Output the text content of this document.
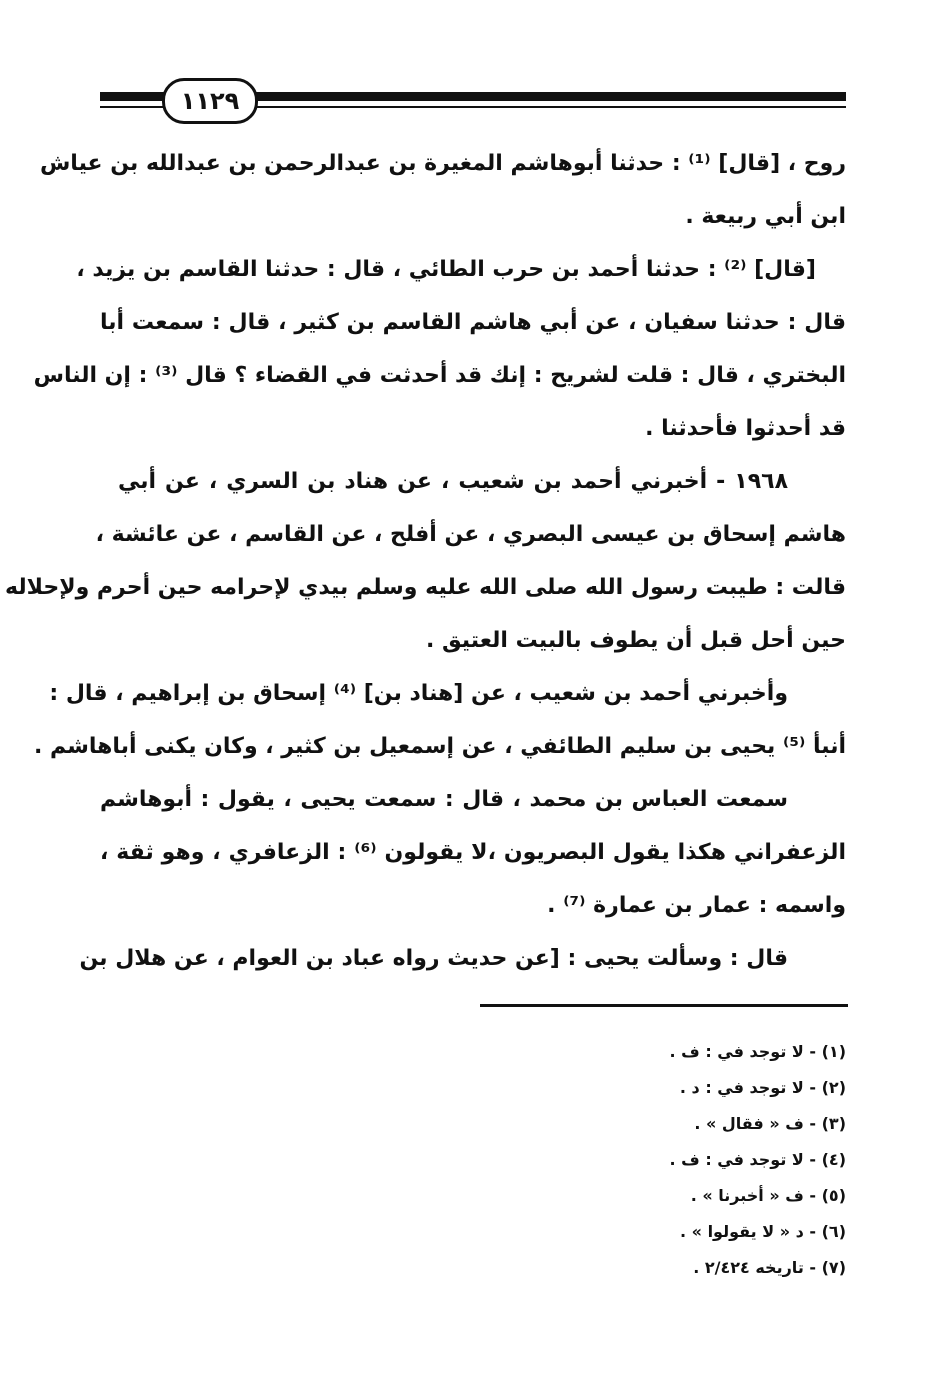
١١٢٩
روح ، [قال] ⁽¹⁾ : حدثنا أبوهاشم المغيرة بن عبدالرحمن بن عبدالله بن عياش
ابن أبي ربيعة .
[قال] ⁽²⁾ : حدثنا أحمد بن حرب الطائي ، قال : حدثنا القاسم بن يزيد ،
قال : حدثنا سفيان ، عن أبي هاشم القاسم بن كثير ، قال : سمعت أبا
البختري ، قال : قلت لشريح : إنك قد أحدثت في القضاء ؟ قال ⁽³⁾ : إن الناس
قد أحدثوا فأحدثنا .
١٩٦٨ - أخبرني أحمد بن شعيب ، عن هناد بن السري ، عن أبي
هاشم إسحاق بن عيسى البصري ، عن أفلح ، عن القاسم ، عن عائشة ،
قالت : طيبت رسول الله صلى الله عليه وسلم بيدي لإحرامه حين أحرم ولإحلاله
حين أحل قبل أن يطوف بالبيت العتيق .
وأخبرني أحمد بن شعيب ، عن [هناد بن] ⁽⁴⁾ إسحاق بن إبراهيم ، قال :
أنبأ ⁽⁵⁾ يحيى بن سليم الطائفي ، عن إسمعيل بن كثير ، وكان يكنى أباهاشم .
سمعت العباس بن محمد ، قال : سمعت يحيى ، يقول : أبوهاشم
الزعفراني هكذا يقول البصريون ،لا يقولون ⁽⁶⁾ : الزعافري ، وهو ثقة ،
واسمه : عمار بن عمارة ⁽⁷⁾ .
قال : وسألت يحيى : [عن حديث رواه عباد بن العوام ، عن هلال بن
(١) - لا توجد في : ف .
(٢) - لا توجد في : د .
(٣) - ف « فقال » .
(٤) - لا توجد في : ف .
(٥) - ف « أخبرنا » .
(٦) - د « لا يقولوا » .
(٧) - تاريخه ٢/٤٢٤ .
